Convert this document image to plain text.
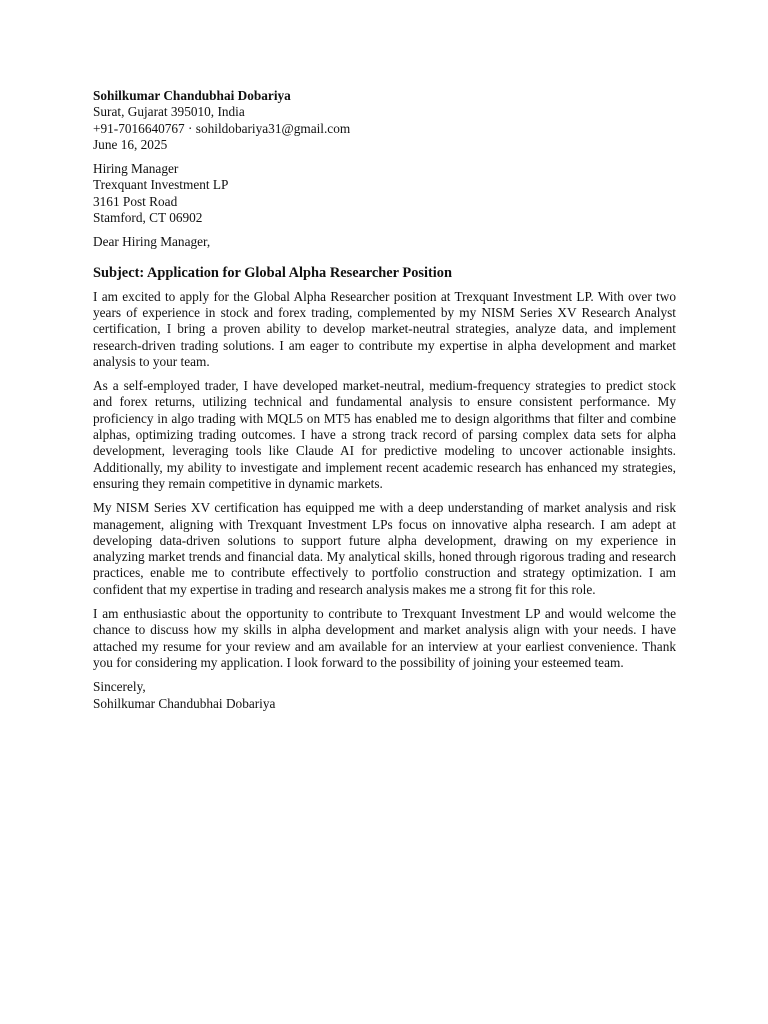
Sohilkumar Chandubhai Dobariya
Surat, Gujarat 395010, India
+91-7016640767 · sohildobariya31@gmail.com
June 16, 2025
Hiring Manager
Trexquant Investment LP
3161 Post Road
Stamford, CT 06902
Dear Hiring Manager,
Subject: Application for Global Alpha Researcher Position

I am excited to apply for the Global Alpha Researcher position at Trexquant Investment LP. With over two years of experience in stock and forex trading, complemented by my NISM Series XV Research Analyst certification, I bring a proven ability to develop market-neutral strategies, analyze data, and implement research-driven trading solutions. I am eager to contribute my expertise in alpha development and market analysis to your team.

As a self-employed trader, I have developed market-neutral, medium-frequency strategies to predict stock and forex returns, utilizing technical and fundamental analysis to ensure consistent performance. My proficiency in algo trading with MQL5 on MT5 has enabled me to design algorithms that filter and combine alphas, optimizing trading outcomes. I have a strong track record of parsing complex data sets for alpha development, leveraging tools like Claude AI for predictive modeling to uncover actionable insights. Additionally, my ability to investigate and implement recent academic research has enhanced my strategies, ensuring they remain competitive in dynamic markets.

My NISM Series XV certification has equipped me with a deep understanding of market analysis and risk management, aligning with Trexquant Investment LPs focus on innovative alpha research. I am adept at developing data-driven solutions to support future alpha development, drawing on my experience in analyzing market trends and financial data. My analytical skills, honed through rigorous trading and research practices, enable me to contribute effectively to portfolio construction and strategy optimization. I am confident that my expertise in trading and research analysis makes me a strong fit for this role.

I am enthusiastic about the opportunity to contribute to Trexquant Investment LP and would welcome the chance to discuss how my skills in alpha development and market analysis align with your needs. I have attached my resume for your review and am available for an interview at your earliest convenience. Thank you for considering my application. I look forward to the possibility of joining your esteemed team.

Sincerely,
Sohilkumar Chandubhai Dobariya
